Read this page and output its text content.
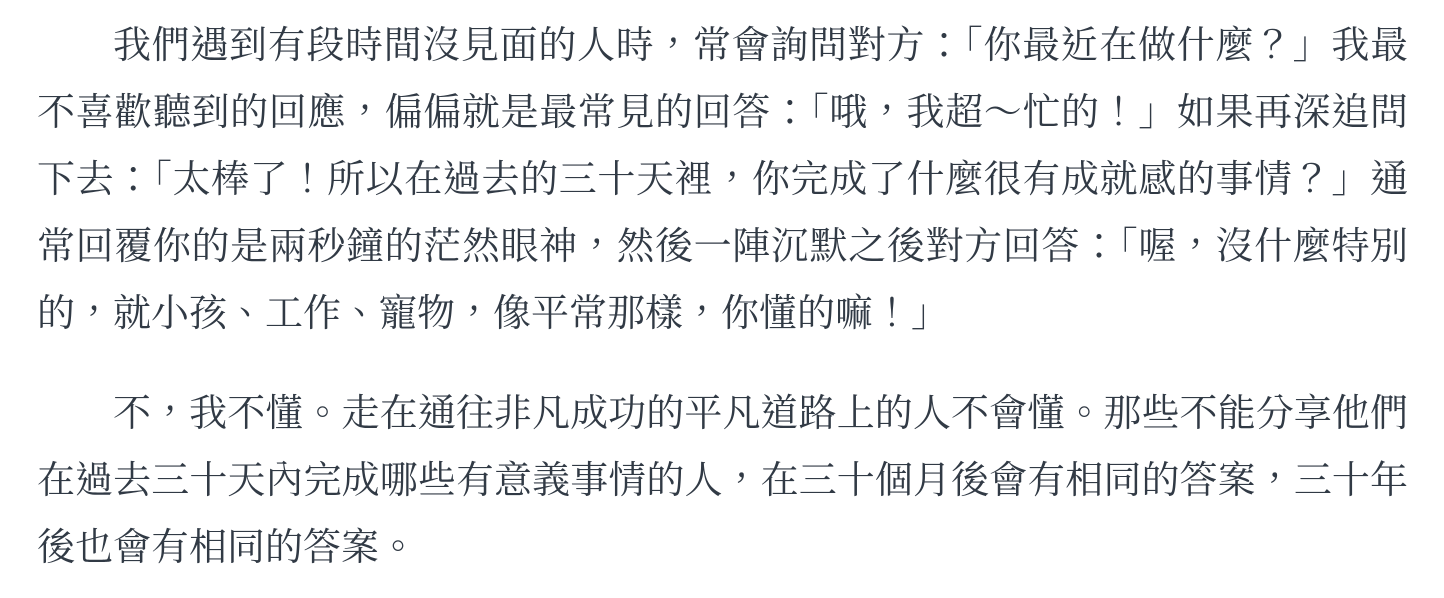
我們遇到有段時間沒見面的人時，常會詢問對方：「你最近在做什麼？」我最不喜歡聽到的回應，偏偏就是最常見的回答：「哦，我超～忙的！」如果再深追問下去：「太棒了！所以在過去的三十天裡，你完成了什麼很有成就感的事情？」通常回覆你的是兩秒鐘的茫然眼神，然後一陣沉默之後對方回答：「喔，沒什麼特別的，就小孩、工作、寵物，像平常那樣，你懂的嘛！」

不，我不懂。走在通往非凡成功的平凡道路上的人不會懂。那些不能分享他們在過去三十天內完成哪些有意義事情的人，在三十個月後會有相同的答案，三十年後也會有相同的答案。
